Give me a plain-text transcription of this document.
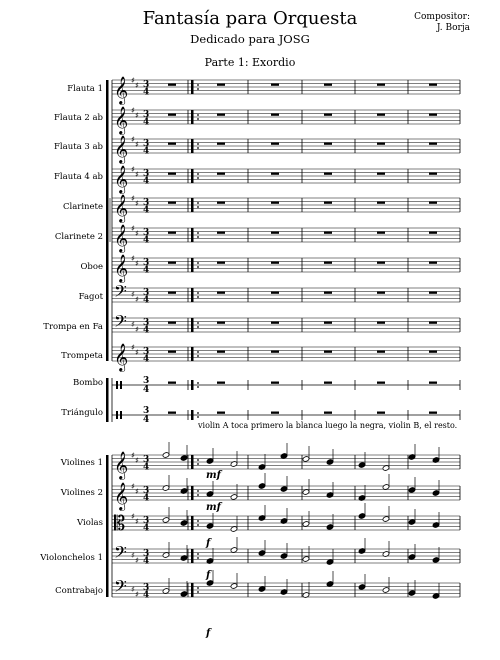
Fantasía para Orquesta
Dedicado para JOSG
Compositor:
J. Borja
Parte 1: Exordio
Flauta 1
Flauta 2 ab
Flauta 3 ab
Flauta 4 ab
Clarinete
Clarinete 2
Oboe
Fagot
Trompa en Fa
Trompeta
Bombo
Triángulo
Violines 1
Violines 2
Violas
Violonchelos 1
Contrabajo
violin A toca primero la blanca luego la negra, violin B, el resto.
𝄞 ♯
♯ 3
4
𝄞 ♯
♯ 3
4
𝄞 ♯
♯ 3
4
𝄞 ♯
♯ 3
4
𝄞 ♯
♯ 3
4
𝄞 ♯
♯ 3
4
𝄞 ♯
♯ 3
4
𝄢 ♯
♯
3
4
𝄢 ♯
♯
3
4
𝄞 ♯
♯ 3
4
3
4
3
4
𝄞 ♯
♯ 3
4
𝄞 ♯
♯ 3
4
𝄡 ♯
♯ 3
4
𝄢 ♯
♯
3
4
𝄢 ♯
♯
3
4
mf
mf
f
f
f
